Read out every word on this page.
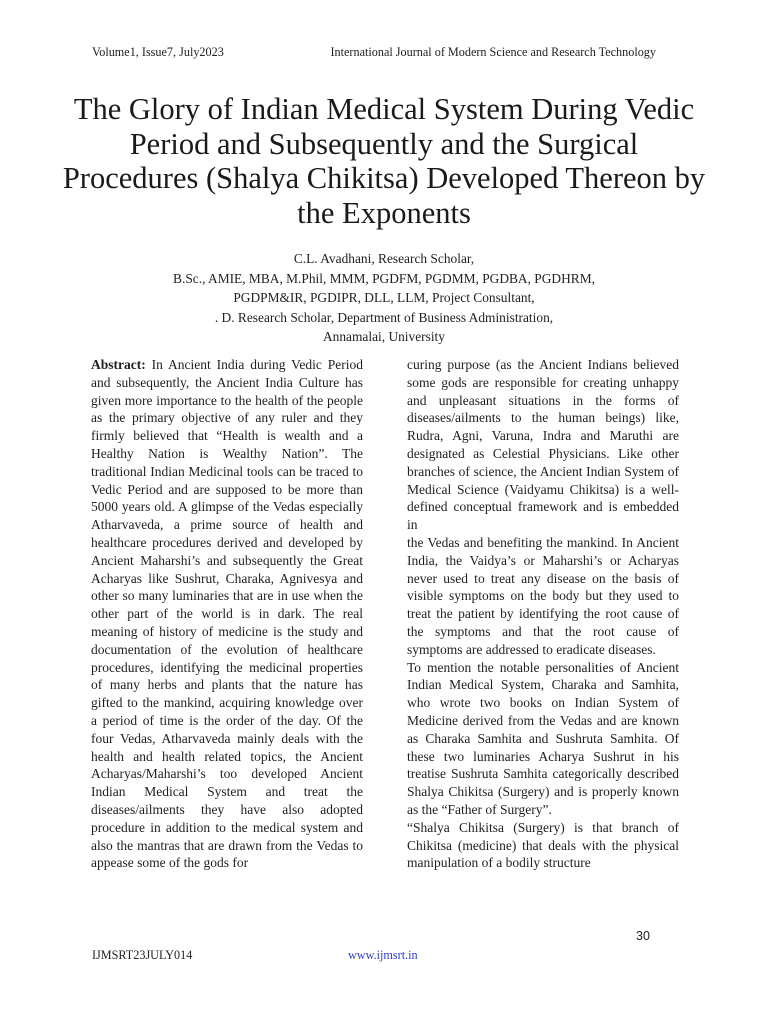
Volume1, Issue7, July2023	International Journal of Modern Science and Research Technology
The Glory of Indian Medical System During Vedic Period and Subsequently and the Surgical Procedures (Shalya Chikitsa) Developed Thereon by the Exponents
C.L. Avadhani, Research Scholar,
B.Sc., AMIE, MBA, M.Phil, MMM, PGDFM, PGDMM, PGDBA, PGDHRM,
PGDPM&IR, PGDIPR, DLL, LLM, Project Consultant,
. D. Research Scholar, Department of Business Administration,
Annamalai, University

Abstract: In Ancient India during Vedic Period and subsequently, the Ancient India Culture has given more importance to the health of the people as the primary objective of any ruler and they firmly believed that “Health is wealth and a Healthy Nation is Wealthy Nation”. The traditional Indian Medicinal tools can be traced to Vedic Period and are supposed to be more than 5000 years old. A glimpse of the Vedas especially Atharvaveda, a prime source of health and healthcare procedures derived and developed by Ancient Maharshi’s and subsequently the Great Acharyas like Sushrut, Charaka, Agnivesya and other so many luminaries that are in use when the other part of the world is in dark. The real meaning of history of medicine is the study and documentation of the evolution of healthcare procedures, identifying the medicinal properties of many herbs and plants that the nature has gifted to the mankind, acquiring knowledge over a period of time is the order of the day. Of the four Vedas, Atharvaveda mainly deals with the health and health related topics, the Ancient Acharyas/Maharshi’s too developed Ancient Indian Medical System and treat the diseases/ailments they have also adopted procedure in addition to the medical system and also the mantras that are drawn from the Vedas to appease some of the gods for

curing purpose (as the Ancient Indians believed some gods are responsible for creating unhappy and unpleasant situations in the forms of diseases/ailments to the human beings) like, Rudra, Agni, Varuna, Indra and Maruthi are designated as Celestial Physicians. Like other branches of science, the Ancient Indian System of Medical Science (Vaidyamu Chikitsa) is a well-defined conceptual framework and is embedded in

the Vedas and benefiting the mankind. In Ancient India, the Vaidya’s or Maharshi’s or Acharyas never used to treat any disease on the basis of visible symptoms on the body but they used to treat the patient by identifying the root cause of the symptoms and that the root cause of symptoms are addressed to eradicate diseases.

To mention the notable personalities of Ancient Indian Medical System, Charaka and Samhita, who wrote two books on Indian System of Medicine derived from the Vedas and are known as Charaka Samhita and Sushruta Samhita. Of these two luminaries Acharya Sushrut in his treatise Sushruta Samhita categorically described Shalya Chikitsa (Surgery) and is properly known as the “Father of Surgery”.

“Shalya Chikitsa (Surgery) is that branch of Chikitsa (medicine) that deals with the physical manipulation of a bodily structure

30
IJMSRT23JULY014	www.ijmsrt.in
